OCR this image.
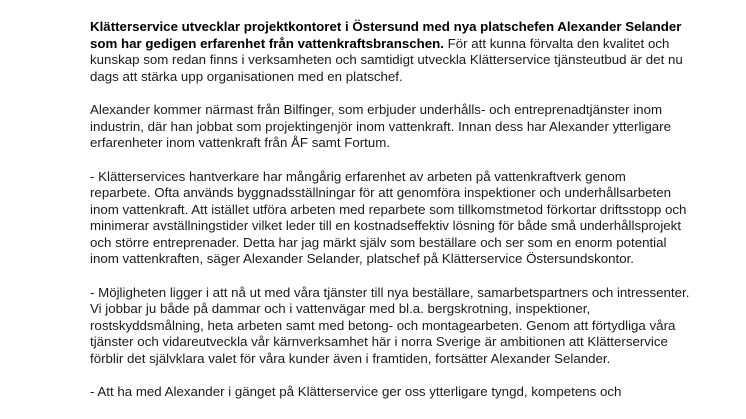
Klätterservice utvecklar projektkontoret i Östersund med nya platschefen Alexander Selander som har gedigen erfarenhet från vattenkraftsbranschen. För att kunna förvalta den kvalitet och kunskap som redan finns i verksamheten och samtidigt utveckla Klätterservice tjänsteutbud är det nu dags att stärka upp organisationen med en platschef.

Alexander kommer närmast från Bilfinger, som erbjuder underhålls- och entreprenadtjänster inom industrin, där han jobbat som projektingenjör inom vattenkraft. Innan dess har Alexander ytterligare erfarenheter inom vattenkraft från ÅF samt Fortum.

- Klätterservices hantverkare har mångårig erfarenhet av arbeten på vattenkraftverk genom reparbete. Ofta används byggnadsställningar för att genomföra inspektioner och underhållsarbeten inom vattenkraft. Att istället utföra arbeten med reparbete som tillkomstmetod förkortar driftsstopp och minimerar avställningstider vilket leder till en kostnadseffektiv lösning för både små underhållsprojekt och större entreprenader. Detta har jag märkt själv som beställare och ser som en enorm potential inom vattenkraften, säger Alexander Selander, platschef på Klätterservice Östersundskontor.

- Möjligheten ligger i att nå ut med våra tjänster till nya beställare, samarbetspartners och intressenter. Vi jobbar ju både på dammar och i vattenvägar med bl.a. bergskrotning, inspektioner, rostskyddsmålning, heta arbeten samt med betong- och montagearbeten. Genom att förtydliga våra tjänster och vidareutveckla vår kärnverksamhet här i norra Sverige är ambitionen att Klätterservice förblir det självklara valet för våra kunder även i framtiden, fortsätter Alexander Selander.

- Att ha med Alexander i gänget på Klätterservice ger oss ytterligare tyngd, kompetens och
